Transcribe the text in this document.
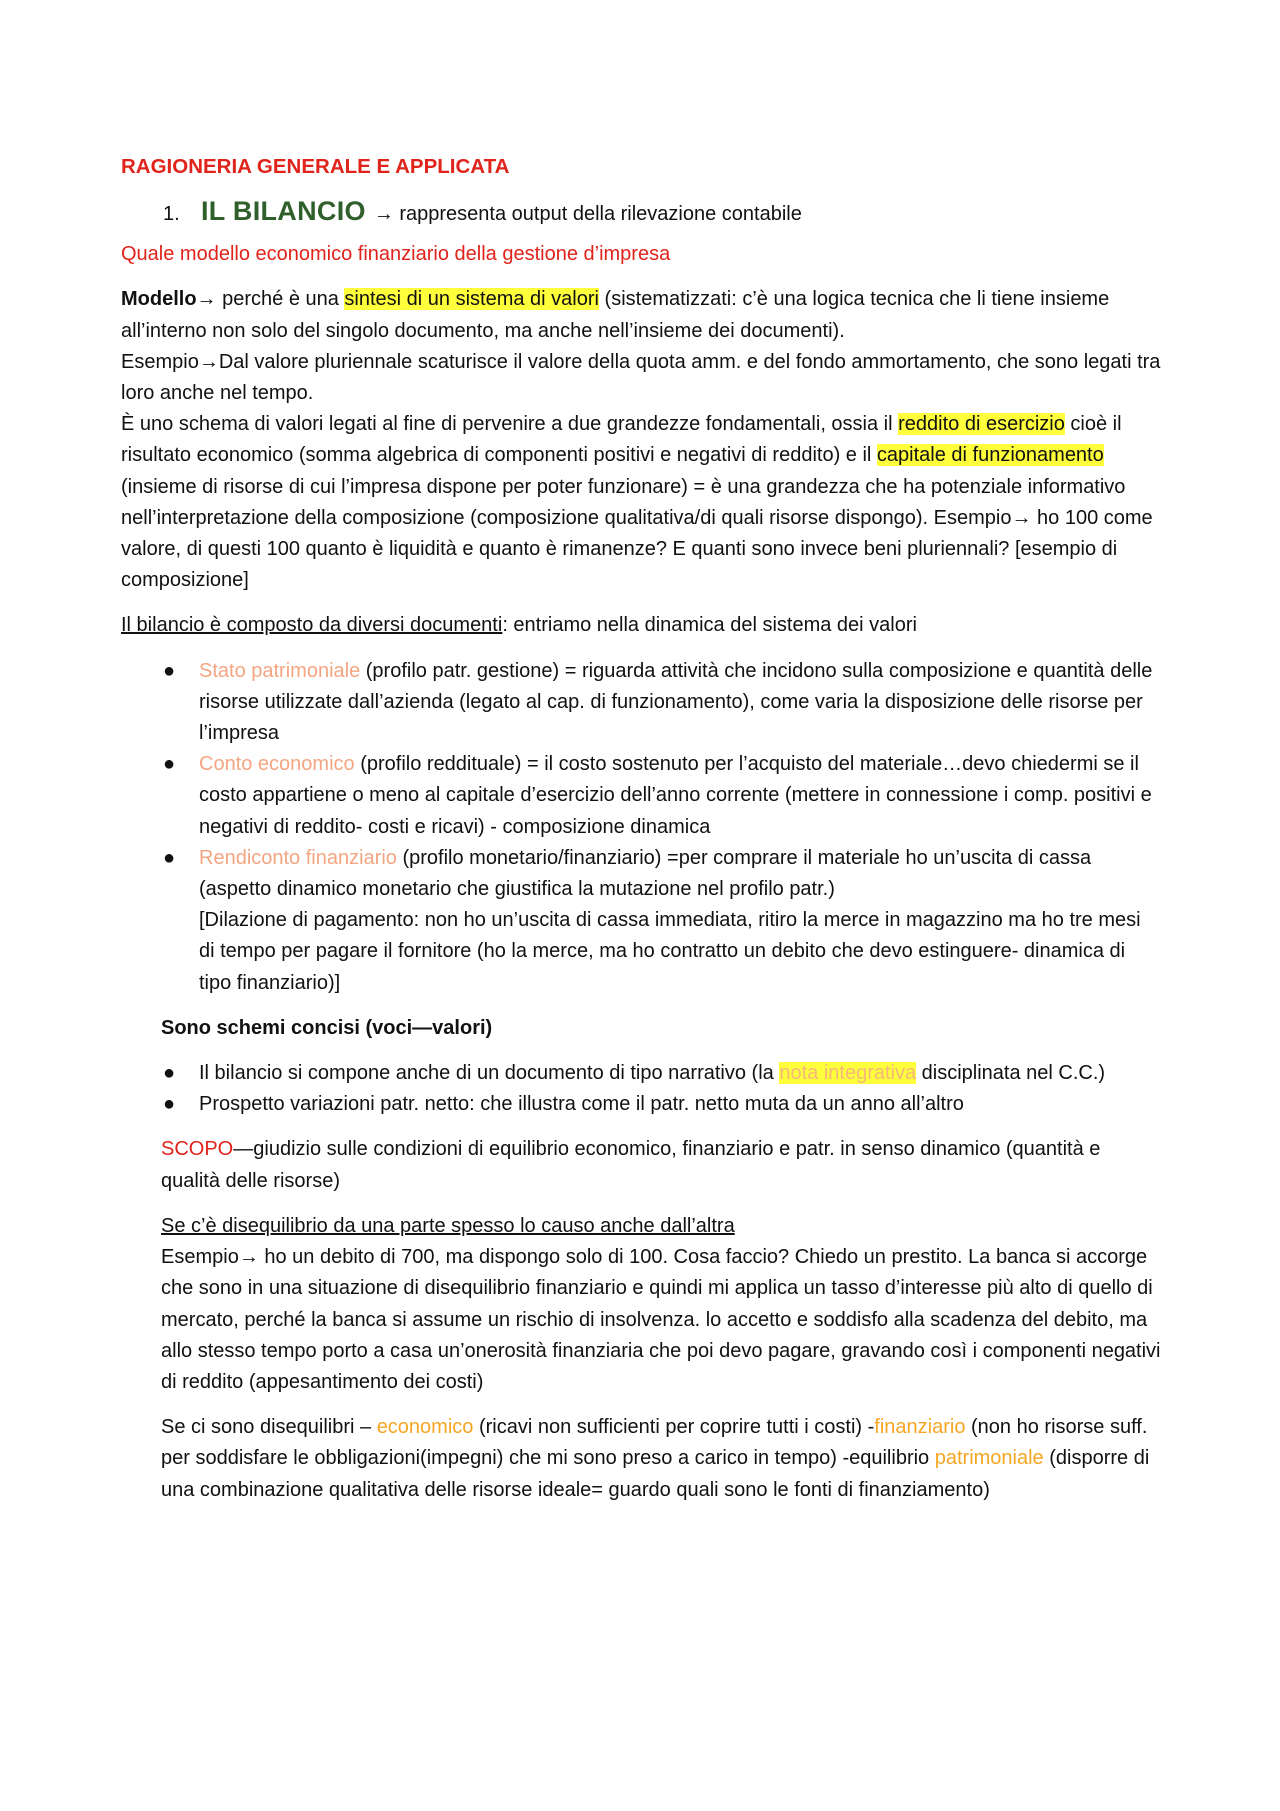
RAGIONERIA GENERALE E APPLICATA

1. IL BILANCIO → rappresenta output della rilevazione contabile

Quale modello economico finanziario della gestione d’impresa

Modello→ perché è una sintesi di un sistema di valori (sistematizzati: c’è una logica tecnica che li tiene insieme all’interno non solo del singolo documento, ma anche nell’insieme dei documenti).

Esempio→Dal valore pluriennale scaturisce il valore della quota amm. e del fondo ammortamento, che sono legati tra loro anche nel tempo.

È uno schema di valori legati al fine di pervenire a due grandezze fondamentali, ossia il reddito di esercizio cioè il risultato economico (somma algebrica di componenti positivi e negativi di reddito) e il capitale di funzionamento (insieme di risorse di cui l’impresa dispone per poter funzionare) = è una grandezza che ha potenziale informativo nell’interpretazione della composizione (composizione qualitativa/di quali risorse dispongo). Esempio→ ho 100 come valore, di questi 100 quanto è liquidità e quanto è rimanenze? E quanti sono invece beni pluriennali? [esempio di composizione]

Il bilancio è composto da diversi documenti: entriamo nella dinamica del sistema dei valori

● Stato patrimoniale (profilo patr. gestione) = riguarda attività che incidono sulla composizione e quantità delle risorse utilizzate dall’azienda (legato al cap. di funzionamento), come varia la disposizione delle risorse per l’impresa
● Conto economico (profilo reddituale) = il costo sostenuto per l’acquisto del materiale…devo chiedermi se il costo appartiene o meno al capitale d’esercizio dell’anno corrente (mettere in connessione i comp. positivi e negativi di reddito- costi e ricavi) - composizione dinamica
● Rendiconto finanziario (profilo monetario/finanziario) =per comprare il materiale ho un’uscita di cassa (aspetto dinamico monetario che giustifica la mutazione nel profilo patr.)
[Dilazione di pagamento: non ho un’uscita di cassa immediata, ritiro la merce in magazzino ma ho tre mesi di tempo per pagare il fornitore (ho la merce, ma ho contratto un debito che devo estinguere- dinamica di tipo finanziario)]

Sono schemi concisi (voci—valori)

● Il bilancio si compone anche di un documento di tipo narrativo (la nota integrativa disciplinata nel C.C.)
● Prospetto variazioni patr. netto: che illustra come il patr. netto muta da un anno all’altro

SCOPO—giudizio sulle condizioni di equilibrio economico, finanziario e patr. in senso dinamico (quantità e qualità delle risorse)

Se c’è disequilibrio da una parte spesso lo causo anche dall’altra

Esempio→ ho un debito di 700, ma dispongo solo di 100. Cosa faccio? Chiedo un prestito. La banca si accorge che sono in una situazione di disequilibrio finanziario e quindi mi applica un tasso d’interesse più alto di quello di mercato, perché la banca si assume un rischio di insolvenza. lo accetto e soddisfo alla scadenza del debito, ma allo stesso tempo porto a casa un’onerosità finanziaria che poi devo pagare, gravando così i componenti negativi di reddito (appesantimento dei costi)

Se ci sono disequilibri – economico (ricavi non sufficienti per coprire tutti i costi) -finanziario (non ho risorse suff. per soddisfare le obbligazioni(impegni) che mi sono preso a carico in tempo) -equilibrio patrimoniale (disporre di una combinazione qualitativa delle risorse ideale= guardo quali sono le fonti di finanziamento)
